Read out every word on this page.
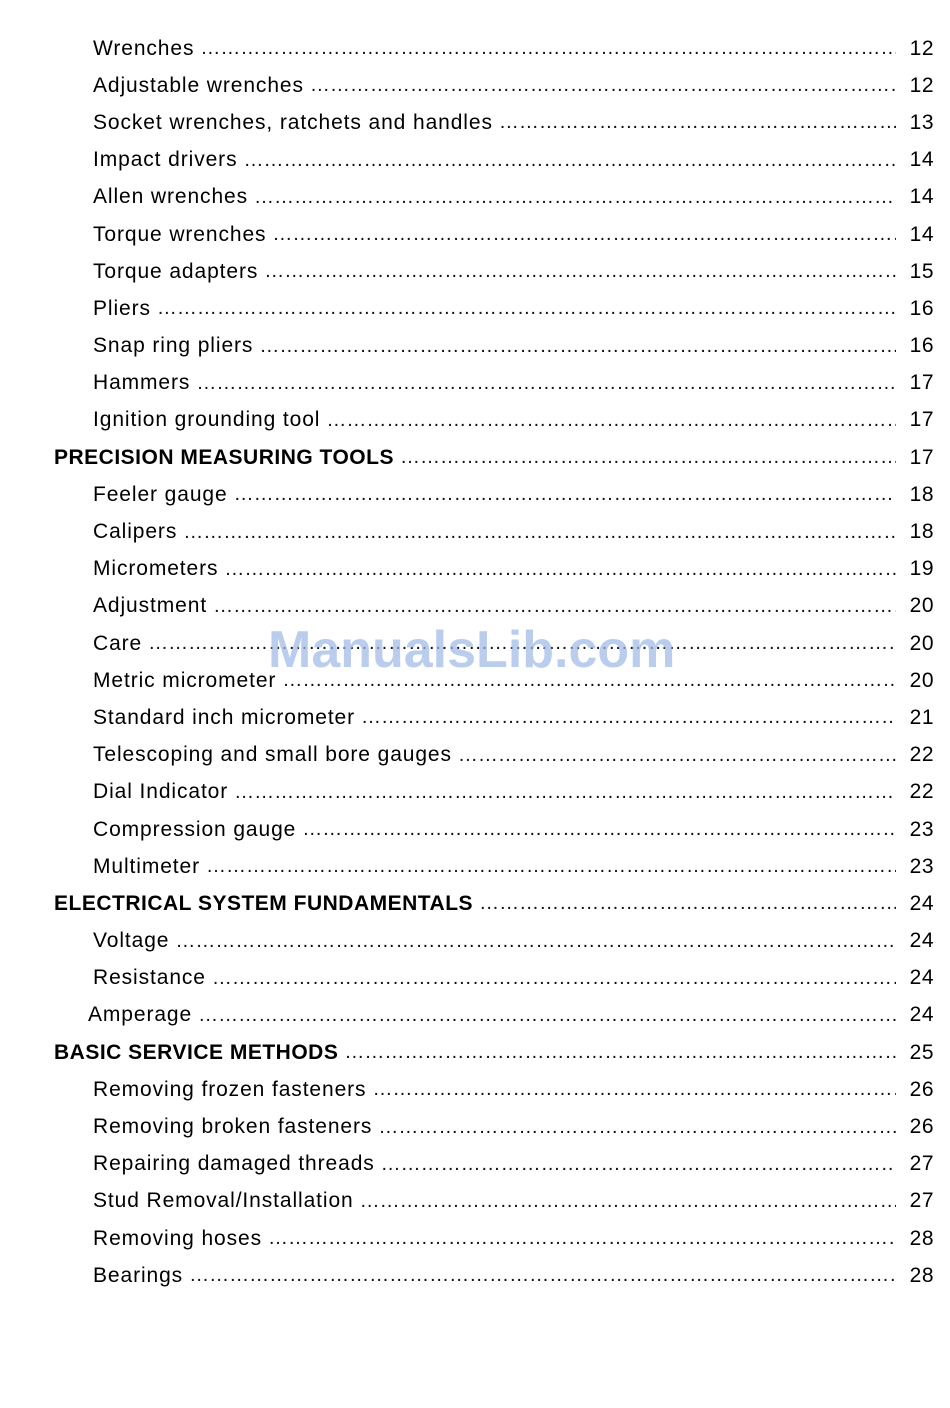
Wrenches ………………………………………………………………………………………………………………………………………………………………………………	12
Adjustable wrenches ………………………………………………………………………………………………………………………………………………………………………………	12
Socket wrenches, ratchets and handles ………………………………………………………………………………………………………………………………………………………………………………	13
Impact drivers ………………………………………………………………………………………………………………………………………………………………………………	14
Allen wrenches ………………………………………………………………………………………………………………………………………………………………………………	14
Torque wrenches ………………………………………………………………………………………………………………………………………………………………………………	14
Torque adapters ………………………………………………………………………………………………………………………………………………………………………………	15
Pliers ………………………………………………………………………………………………………………………………………………………………………………	16
Snap ring pliers ………………………………………………………………………………………………………………………………………………………………………………	16
Hammers ………………………………………………………………………………………………………………………………………………………………………………	17
Ignition grounding tool ………………………………………………………………………………………………………………………………………………………………………………	17
PRECISION MEASURING TOOLS ………………………………………………………………………………………………………………………………………………………………………………	17
Feeler gauge ………………………………………………………………………………………………………………………………………………………………………………	18
Calipers ………………………………………………………………………………………………………………………………………………………………………………	18
Micrometers ………………………………………………………………………………………………………………………………………………………………………………	19
Adjustment ………………………………………………………………………………………………………………………………………………………………………………	20
Care ………………………………………………………………………………………………………………………………………………………………………………	20
Metric micrometer ………………………………………………………………………………………………………………………………………………………………………………	20
Standard inch micrometer ………………………………………………………………………………………………………………………………………………………………………………	21
Telescoping and small bore gauges ………………………………………………………………………………………………………………………………………………………………………………	22
Dial Indicator ………………………………………………………………………………………………………………………………………………………………………………	22
Compression gauge ………………………………………………………………………………………………………………………………………………………………………………	23
Multimeter ………………………………………………………………………………………………………………………………………………………………………………	23
ELECTRICAL SYSTEM FUNDAMENTALS ………………………………………………………………………………………………………………………………………………………………………………	24
Voltage ………………………………………………………………………………………………………………………………………………………………………………	24
Resistance ………………………………………………………………………………………………………………………………………………………………………………	24
Amperage ………………………………………………………………………………………………………………………………………………………………………………	24
BASIC SERVICE METHODS ………………………………………………………………………………………………………………………………………………………………………………	25
Removing frozen fasteners ………………………………………………………………………………………………………………………………………………………………………………	26
Removing broken fasteners ………………………………………………………………………………………………………………………………………………………………………………	26
Repairing damaged threads ………………………………………………………………………………………………………………………………………………………………………………	27
Stud Removal/Installation ………………………………………………………………………………………………………………………………………………………………………………	27
Removing hoses ………………………………………………………………………………………………………………………………………………………………………………	28
Bearings ………………………………………………………………………………………………………………………………………………………………………………	28
ManualsLib.com
